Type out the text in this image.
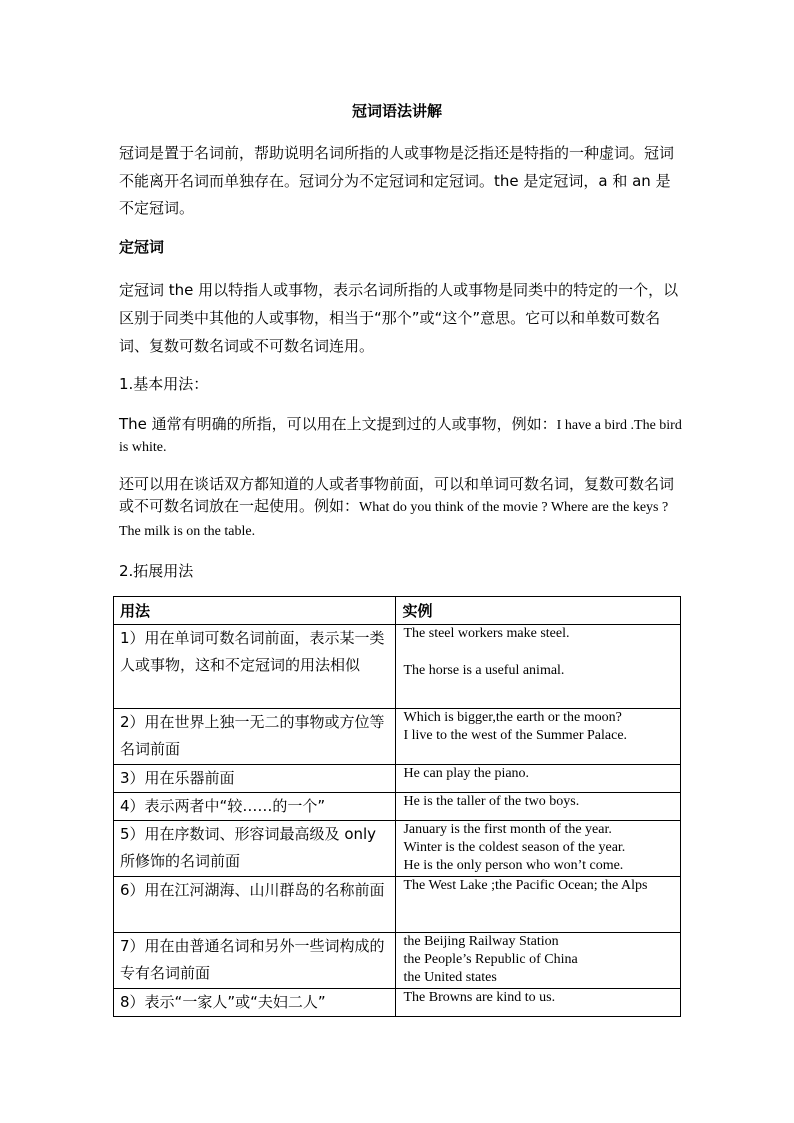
冠词语法讲解

冠词是置于名词前，帮助说明名词所指的人或事物是泛指还是特指的一种虚词。冠词不能离开名词而单独存在。冠词分为不定冠词和定冠词。the 是定冠词，a 和 an 是不定冠词。

定冠词

定冠词 the 用以特指人或事物，表示名词所指的人或事物是同类中的特定的一个，以区别于同类中其他的人或事物，相当于“那个”或“这个”意思。它可以和单数可数名词、复数可数名词或不可数名词连用。

1.基本用法：

The 通常有明确的所指，可以用在上文提到过的人或事物，例如：I have a bird .The bird is white.

还可以用在谈话双方都知道的人或者事物前面，可以和单词可数名词，复数可数名词或不可数名词放在一起使用。例如：What do you think of the movie ? Where are the keys ? The milk is on the table.

2.拓展用法

用法	实例
1）用在单词可数名词前面，表示某一类人或事物，这和不定冠词的用法相似	The steel workers make steel.
The horse is a useful animal.

2）用在世界上独一无二的事物或方位等名词前面	Which is bigger,the earth or the moon?
I live to the west of the Summer Palace.

3）用在乐器前面	He can play the piano.

4）表示两者中“较……的一个”	He is the taller of the two boys.

5）用在序数词、形容词最高级及 only 所修饰的名词前面	January is the first month of the year.
Winter is the coldest season of the year.
He is the only person who won’t come.

6）用在江河湖海、山川群岛的名称前面	The West Lake ;the Pacific Ocean; the Alps

7）用在由普通名词和另外一些词构成的专有名词前面	the Beijing Railway Station
the People’s Republic of China
the United states

8）表示“一家人”或“夫妇二人”	The Browns are kind to us.
